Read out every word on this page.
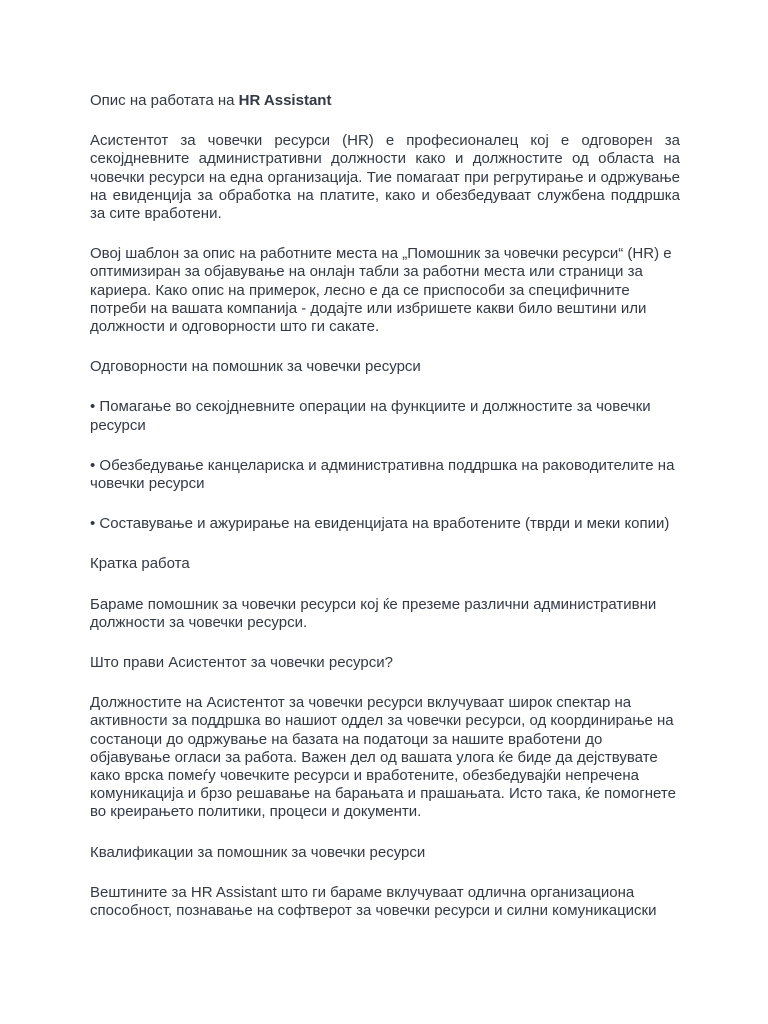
Опис на работата на HR Assistant

Асистентот за човечки ресурси (HR) е професионалец кој е одговорен за секојдневните административни должности како и должностите од областа на човечки ресурси на една организација. Тие помагаат при регрутирање и одржување на евиденција за обработка на платите, како и обезбедуваат службена поддршка за сите вработени.

Овој шаблон за опис на работните места на „Помошник за човечки ресурси“ (HR) е оптимизиран за објавување на онлајн табли за работни места или страници за кариера. Како опис на примерок, лесно е да се приспособи за специфичните потреби на вашата компанија - додајте или избришете какви било вештини или должности и одговорности што ги сакате.

Одговорности на помошник за човечки ресурси
• Помагање во секојдневните операции на функциите и должностите за човечки ресурси
• Обезбедување канцелариска и административна поддршка на раководителите на човечки ресурси
• Составување и ажурирање на евиденцијата на вработените (тврди и меки копии)
Кратка работа

Бараме помошник за човечки ресурси кој ќе преземе различни административни должности за човечки ресурси.

Што прави Асистентот за човечки ресурси?

Должностите на Асистентот за човечки ресурси вклучуваат широк спектар на активности за поддршка во нашиот оддел за човечки ресурси, од координирање на состаноци до одржување на базата на податоци за нашите вработени до објавување огласи за работа. Важен дел од вашата улога ќе биде да дејствувате како врска помеѓу човечките ресурси и вработените, обезбедувајќи непречена комуникација и брзо решавање на барањата и прашањата. Исто така, ќе помогнете во креирањето политики, процеси и документи.

Квалификации за помошник за човечки ресурси

Вештините за HR Assistant што ги бараме вклучуваат одлична организациона способност, познавање на софтверот за човечки ресурси и силни комуникациски
